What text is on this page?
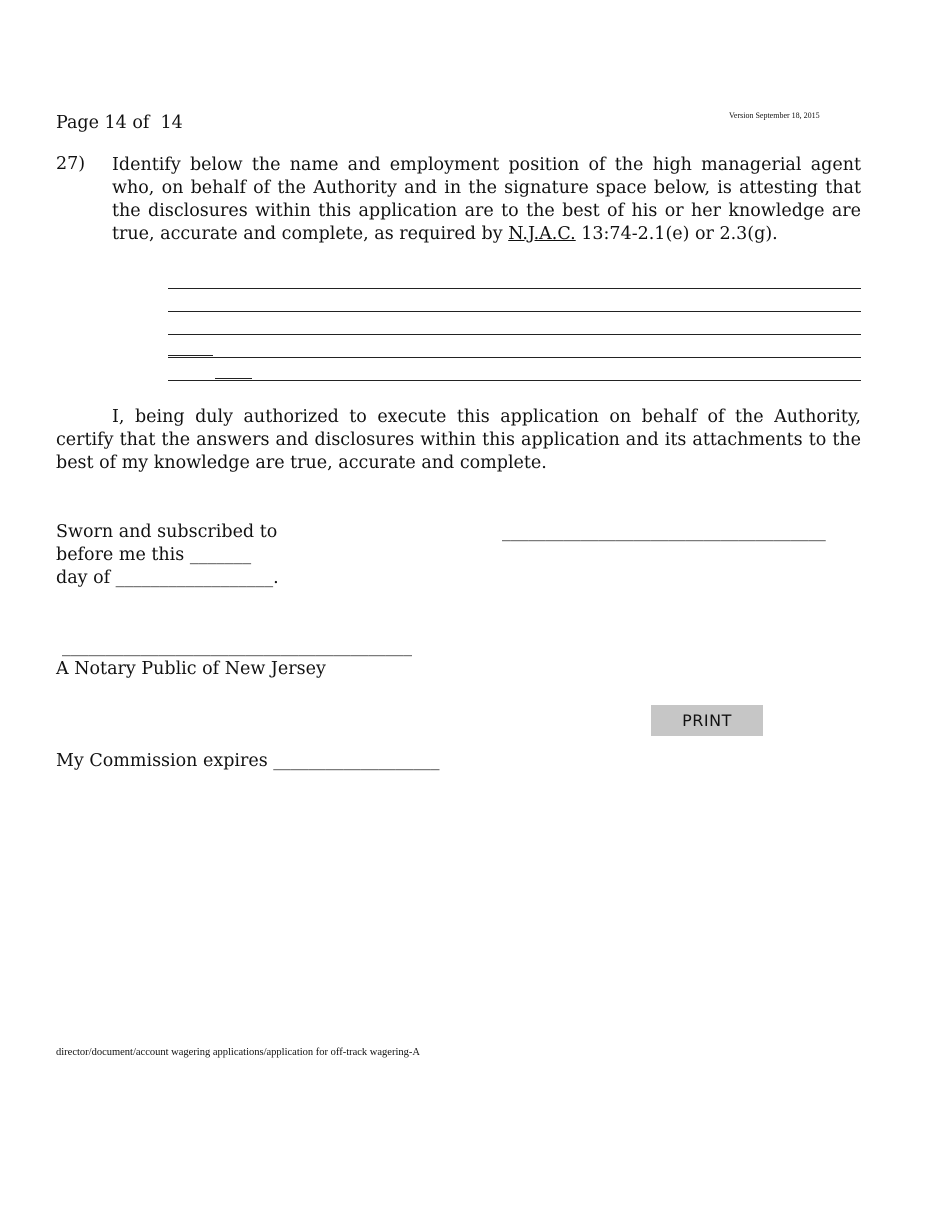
Page 14 of  14	Version September 18, 2015
27) Identify below the name and employment position of the high managerial agent who, on behalf of the Authority and in the signature space below, is attesting that the disclosures within this application are to the best of his or her knowledge are true, accurate and complete, as required by N.J.A.C. 13:74-2.1(e) or 2.3(g).
I, being duly authorized to execute this application on behalf of the Authority, certify that the answers and disclosures within this application and its attachments to the best of my knowledge are true, accurate and complete.
Sworn and subscribed to
before me this _______
day of __________________.
_____________________________________
________________________________________
A Notary Public of New Jersey
PRINT
My Commission expires ___________________
director/document/account wagering applications/application for off-track wagering-A
